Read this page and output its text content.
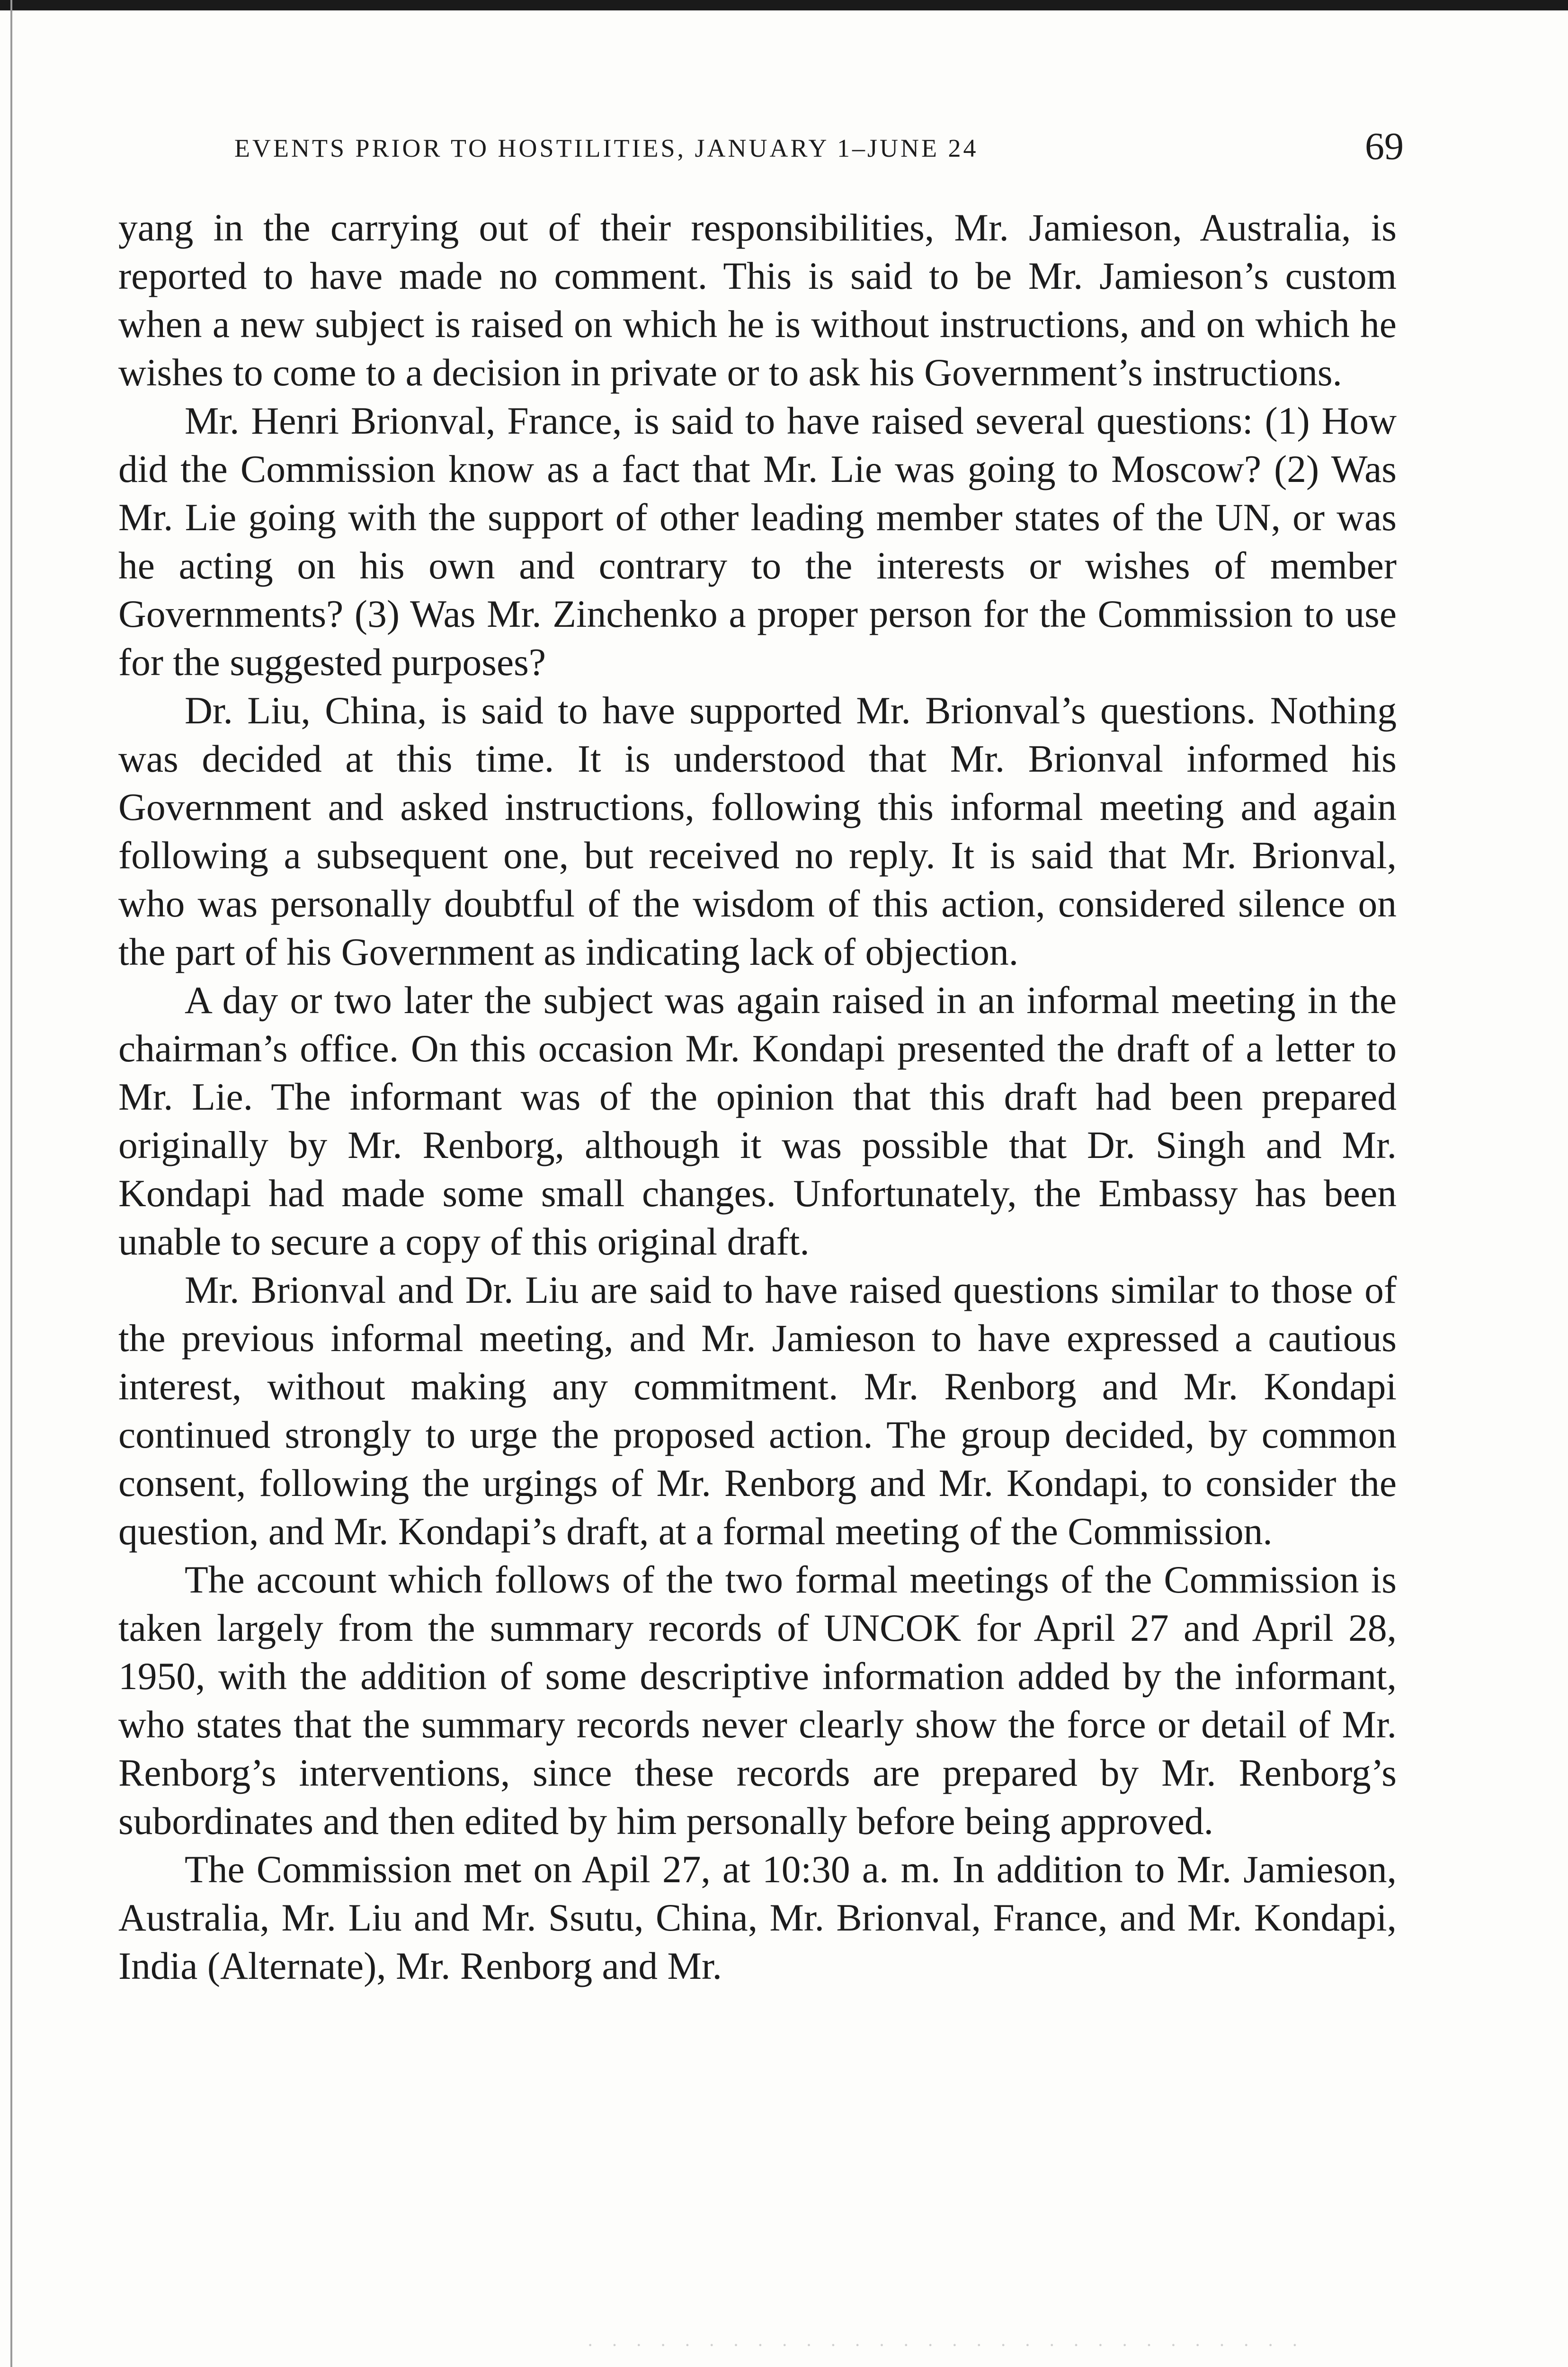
EVENTS PRIOR TO HOSTILITIES, JANUARY 1–JUNE 24	69

yang in the carrying out of their responsibilities, Mr. Jamieson, Australia, is reported to have made no comment. This is said to be Mr. Jamieson’s custom when a new subject is raised on which he is without instructions, and on which he wishes to come to a decision in private or to ask his Government’s instructions.

Mr. Henri Brionval, France, is said to have raised several questions: (1) How did the Commission know as a fact that Mr. Lie was going to Moscow? (2) Was Mr. Lie going with the support of other leading member states of the UN, or was he acting on his own and contrary to the interests or wishes of member Governments? (3) Was Mr. Zinchenko a proper person for the Commission to use for the suggested purposes?

Dr. Liu, China, is said to have supported Mr. Brionval’s questions. Nothing was decided at this time. It is understood that Mr. Brionval informed his Government and asked instructions, following this informal meeting and again following a subsequent one, but received no reply. It is said that Mr. Brionval, who was personally doubtful of the wisdom of this action, considered silence on the part of his Government as indicating lack of objection.

A day or two later the subject was again raised in an informal meeting in the chairman’s office. On this occasion Mr. Kondapi presented the draft of a letter to Mr. Lie. The informant was of the opinion that this draft had been prepared originally by Mr. Renborg, although it was possible that Dr. Singh and Mr. Kondapi had made some small changes. Unfortunately, the Embassy has been unable to secure a copy of this original draft.

Mr. Brionval and Dr. Liu are said to have raised questions similar to those of the previous informal meeting, and Mr. Jamieson to have expressed a cautious interest, without making any commitment. Mr. Renborg and Mr. Kondapi continued strongly to urge the proposed action. The group decided, by common consent, following the urgings of Mr. Renborg and Mr. Kondapi, to consider the question, and Mr. Kondapi’s draft, at a formal meeting of the Commission.

The account which follows of the two formal meetings of the Commission is taken largely from the summary records of UNCOK for April 27 and April 28, 1950, with the addition of some descriptive information added by the informant, who states that the summary records never clearly show the force or detail of Mr. Renborg’s interventions, since these records are prepared by Mr. Renborg’s subordinates and then edited by him personally before being approved.

The Commission met on Apil 27, at 10:30 a. m. In addition to Mr. Jamieson, Australia, Mr. Liu and Mr. Ssutu, China, Mr. Brionval, France, and Mr. Kondapi, India (Alternate), Mr. Renborg and Mr.

· · · · · · · · · · · · · · · · · · · · · · · · · · · · · ·
